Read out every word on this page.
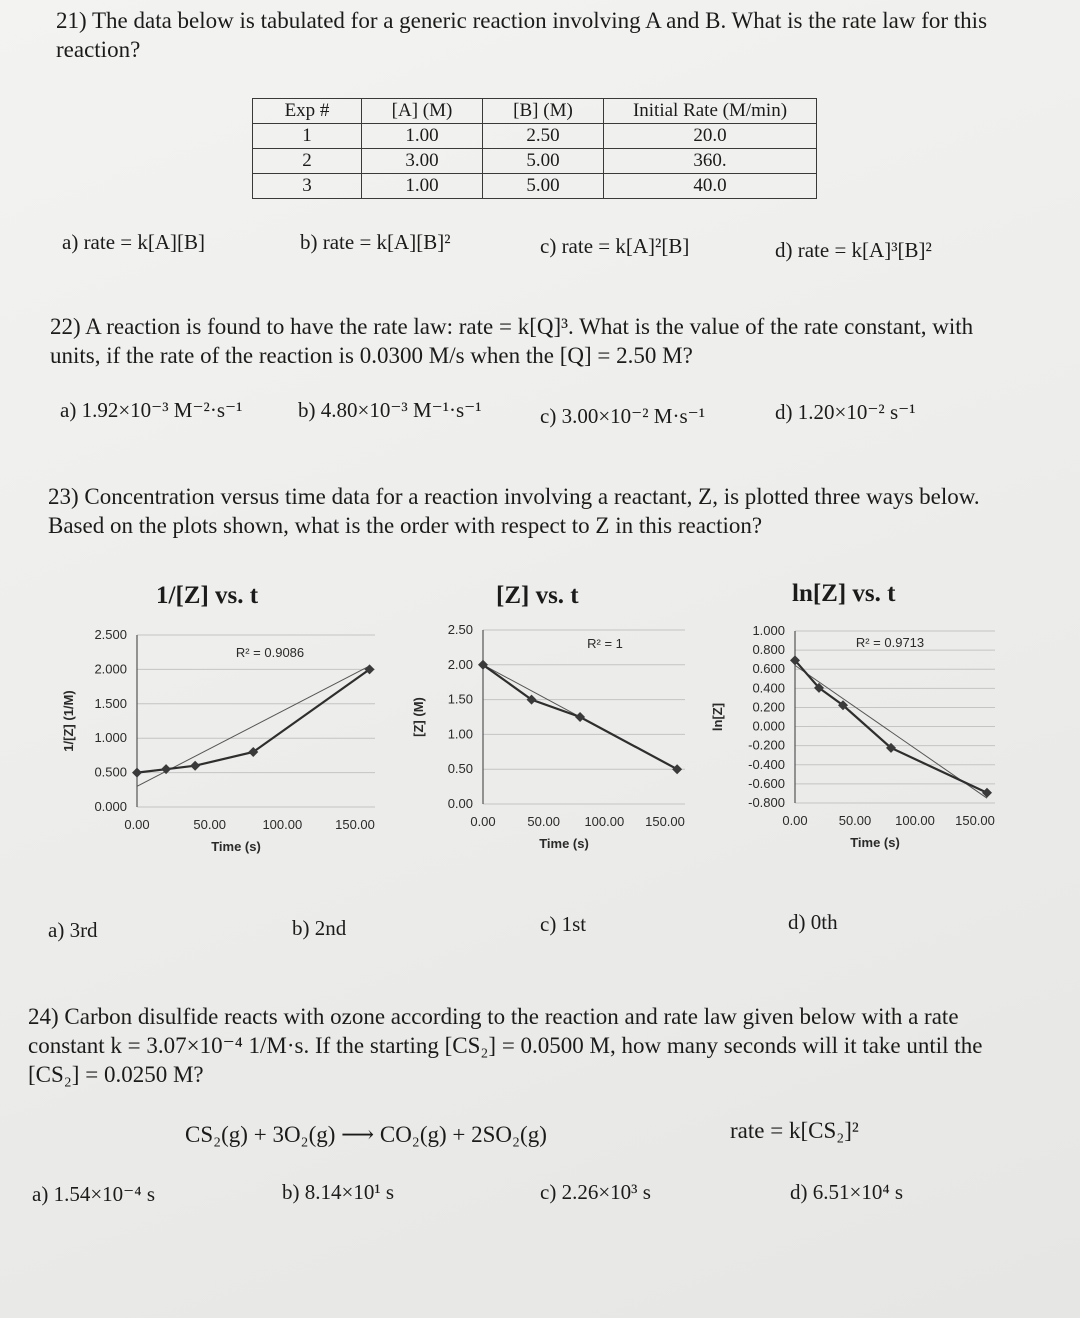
21) The data below is tabulated for a generic reaction involving A and B. What is the rate law for this reaction?
Exp #	[A] (M)	[B] (M)	Initial Rate (M/min)
1	1.00	2.50	20.0
2	3.00	5.00	360.
3	1.00	5.00	40.0
a) rate = k[A][B]	b) rate = k[A][B]²	c) rate = k[A]²[B]	d) rate = k[A]³[B]²
22) A reaction is found to have the rate law: rate = k[Q]³. What is the value of the rate constant, with units, if the rate of the reaction is 0.0300 M/s when the [Q] = 2.50 M?
a) 1.92×10⁻³ M⁻²·s⁻¹	b) 4.80×10⁻³ M⁻¹·s⁻¹	c) 3.00×10⁻² M·s⁻¹	d) 1.20×10⁻² s⁻¹
23) Concentration versus time data for a reaction involving a reactant, Z, is plotted three ways below. Based on the plots shown, what is the order with respect to Z in this reaction?
1/[Z] vs. t	[Z] vs. t	ln[Z] vs. t
0.000
0.500
1.000
1.500
2.000
2.500
0.00	50.00	100.00	150.00
Time (s)
1/[Z] (1/M)
R² = 0.9086
0.00
0.50
1.00
1.50
2.00
2.50
0.00 50.00 100.00 150.00
Time (s)
[Z] (M)
R² = 1
-0.800
-0.600
-0.400
-0.200
0.000
0.200
0.400
0.600
0.800
1.000
0.00 50.00 100.00 150.00
Time (s)
ln[Z]
R² = 0.9713
a) 3rd	b) 2nd	c) 1st	d) 0th
24) Carbon disulfide reacts with ozone according to the reaction and rate law given below with a rate constant k = 3.07×10⁻⁴ 1/M·s. If the starting [CS₂] = 0.0500 M, how many seconds will it take until the [CS₂] = 0.0250 M?
CS₂(g) + 3O₂(g) ⟶ CO₂(g) + 2SO₂(g)	rate = k[CS₂]²
a) 1.54×10⁻⁴ s	b) 8.14×10¹ s	c) 2.26×10³ s	d) 6.51×10⁴ s
